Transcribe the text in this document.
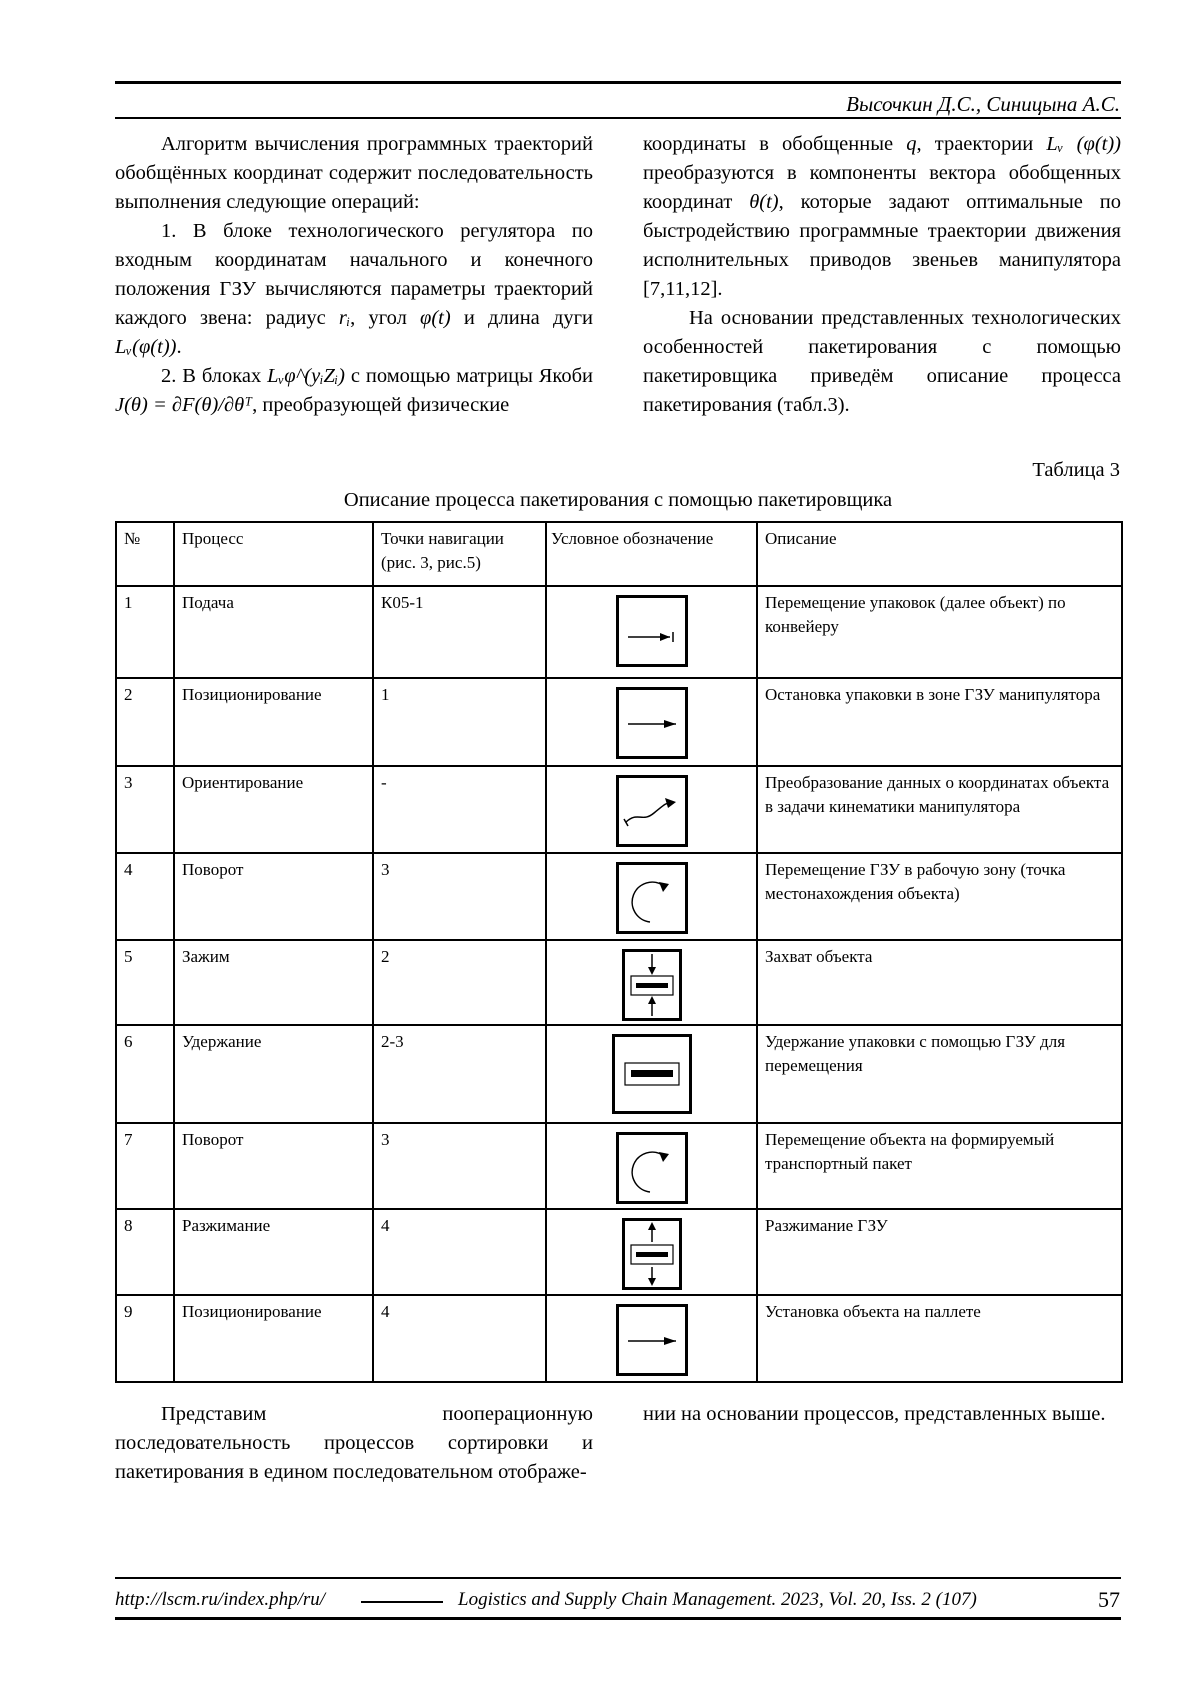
Высочкин Д.С., Синицына А.С.

Алгоритм вычисления программных траекторий обобщённых координат содержит последовательность выполнения следующие операций:

1. В блоке технологического регулятора по входным координатам начального и конечного положения ГЗУ вычисляются параметры траекторий каждого звена: радиус rᵢ, угол φ(t) и длина дуги Lᵥ(φ(t)).

2. В блоках Lᵥφ^(yᵢZᵢ) с помощью матрицы Якоби J(θ) = ∂F(θ)/∂θᵀ, преобразующей физические

координаты в обобщенные q, траектории Lᵥ (φ(t)) преобразуются в компоненты вектора обобщенных координат θ(t), которые задают оптимальные по быстродействию программные траектории движения исполнительных приводов звеньев манипулятора [7,11,12].

На основании представленных технологических особенностей пакетирования с помощью пакетировщика приведём описание процесса пакетирования (табл.3).

Таблица 3
Описание процесса пакетирования с помощью пакетировщика
№	Процесс	Точки навигации (рис. 3, рис.5)	Условное обозначение	Описание
1	Подача	К05-1		Перемещение упаковок (далее объект) по конвейеру
2	Позиционирование	1		Остановка упаковки в зоне ГЗУ манипулятора
3	Ориентирование	-		Преобразование данных о координатах объекта в задачи кинематики манипулятора
4	Поворот	3		Перемещение ГЗУ в рабочую зону (точка местонахождения объекта)
5	Зажим	2		Захват объекта
6	Удержание	2-3		Удержание упаковки с помощью ГЗУ для перемещения
7	Поворот	3		Перемещение объекта на формируемый транспортный пакет
8	Разжимание	4		Разжимание ГЗУ
9	Позиционирование	4		Установка объекта на паллете

Представим пооперационную последовательность процессов сортировки и пакетирования в едином последовательном отображе-

нии на основании процессов, представленных выше.

http://lscm.ru/index.php/ru/	Logistics and Supply Chain Management. 2023, Vol. 20, Iss. 2 (107)	57
